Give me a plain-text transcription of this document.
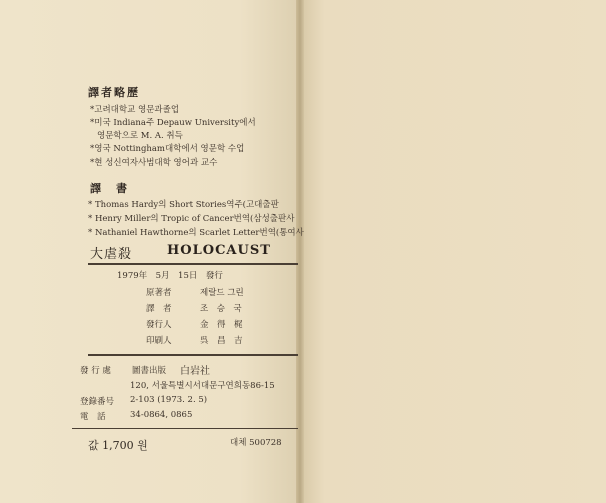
譯者略歷
*고려대학교 영문과졸업
*미국 Indiana주 Depauw University에서
영문학으로 M. A. 취득
*영국 Nottingham대학에서 영문학 수업
*현 성신여자사범대학 영어과 교수
譯　書
* Thomas Hardy의 Short Stories역주(고대출판
* Henry Miller의 Tropic of Cancer번역(삼성출판사
* Nathaniel Hawthorne의 Scarlet Letter번역(통여사
大虐殺	HOLOCAUST
1979年　5月　15日　發行
原著者	제랄드 그린
譯　者	조　승　국
發行人	金　得　梶
印刷人	呉　昌　吉
發 行 處 圖書出版 白岩社
120, 서울특별시서대문구연희동86-15
登錄番号 2-103 (1973. 2. 5)
電　話	34-0864, 0865
값 1,700 원	대체 500728
